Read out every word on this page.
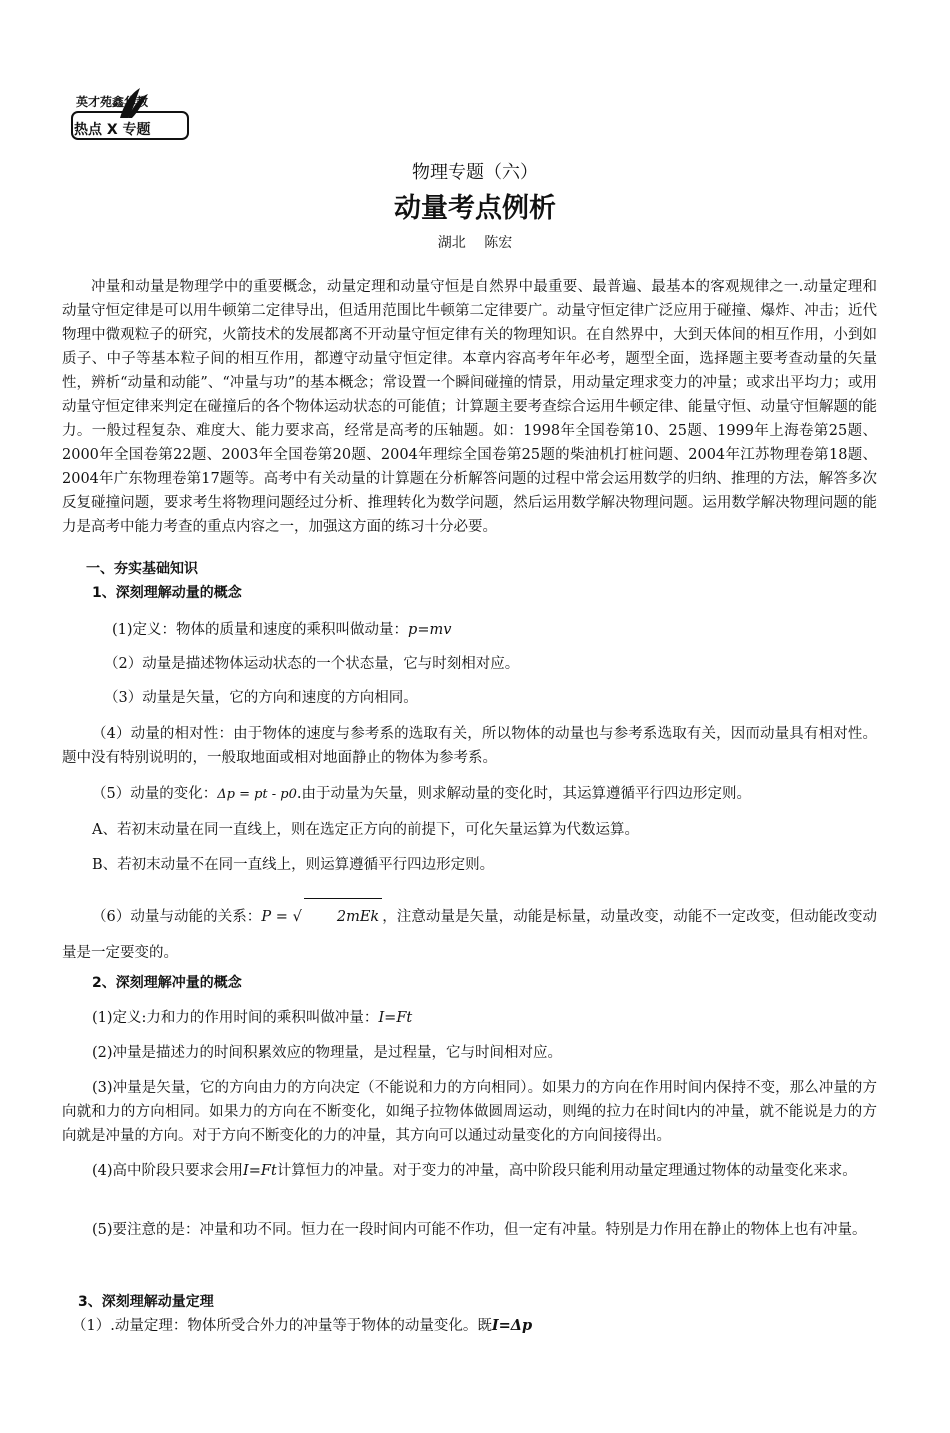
英才苑鑫华教
热点 X 专题
物理专题（六）
动量考点例析
湖北 陈宏

冲量和动量是物理学中的重要概念，动量定理和动量守恒是自然界中最重要、最普遍、最基本的客观规律之一.动量定理和动量守恒定律是可以用牛顿第二定律导出，但适用范围比牛顿第二定律要广。动量守恒定律广泛应用于碰撞、爆炸、冲击；近代物理中微观粒子的研究，火箭技术的发展都离不开动量守恒定律有关的物理知识。在自然界中，大到天体间的相互作用，小到如质子、中子等基本粒子间的相互作用，都遵守动量守恒定律。本章内容高考年年必考，题型全面，选择题主要考查动量的矢量性，辨析“动量和动能”、“冲量与功”的基本概念；常设置一个瞬间碰撞的情景，用动量定理求变力的冲量；或求出平均力；或用动量守恒定律来判定在碰撞后的各个物体运动状态的可能值；计算题主要考查综合运用牛顿定律、能量守恒、动量守恒解题的能力。一般过程复杂、难度大、能力要求高，经常是高考的压轴题。如：1998年全国卷第10、25题、1999年上海卷第25题、2000年全国卷第22题、2003年全国卷第20题、2004年理综全国卷第25题的柴油机打桩问题、2004年江苏物理卷第18题、2004年广东物理卷第17题等。高考中有关动量的计算题在分析解答问题的过程中常会运用数学的归纳、推理的方法，解答多次反复碰撞问题，要求考生将物理问题经过分析、推理转化为数学问题，然后运用数学解决物理问题。运用数学解决物理问题的能力是高考中能力考查的重点内容之一，加强这方面的练习十分必要。

一、夯实基础知识

1、深刻理解动量的概念

(1)定义：物体的质量和速度的乘积叫做动量：p=mv

（2）动量是描述物体运动状态的一个状态量，它与时刻相对应。

（3）动量是矢量，它的方向和速度的方向相同。

（4）动量的相对性：由于物体的速度与参考系的选取有关，所以物体的动量也与参考系选取有关，因而动量具有相对性。题中没有特别说明的，一般取地面或相对地面静止的物体为参考系。

（5）动量的变化：Δp = pt - p0.由于动量为矢量，则求解动量的变化时，其运算遵循平行四边形定则。

A、若初末动量在同一直线上，则在选定正方向的前提下，可化矢量运算为代数运算。

B、若初末动量不在同一直线上，则运算遵循平行四边形定则。

（6）动量与动能的关系：P = √ 2mEk ，注意动量是矢量，动能是标量，动量改变，动能不一定改变，但动能改变动量是一定要变的。

2、深刻理解冲量的概念

(1)定义:力和力的作用时间的乘积叫做冲量：I=Ft

(2)冲量是描述力的时间积累效应的物理量，是过程量，它与时间相对应。

(3)冲量是矢量，它的方向由力的方向决定（不能说和力的方向相同）。如果力的方向在作用时间内保持不变，那么冲量的方向就和力的方向相同。如果力的方向在不断变化，如绳子拉物体做圆周运动，则绳的拉力在时间t内的冲量，就不能说是力的方向就是冲量的方向。对于方向不断变化的力的冲量，其方向可以通过动量变化的方向间接得出。

(4)高中阶段只要求会用I=Ft计算恒力的冲量。对于变力的冲量，高中阶段只能利用动量定理通过物体的动量变化来求。

(5)要注意的是：冲量和功不同。恒力在一段时间内可能不作功，但一定有冲量。特别是力作用在静止的物体上也有冲量。

3、深刻理解动量定理

（1）.动量定理：物体所受合外力的冲量等于物体的动量变化。既I=Δp
